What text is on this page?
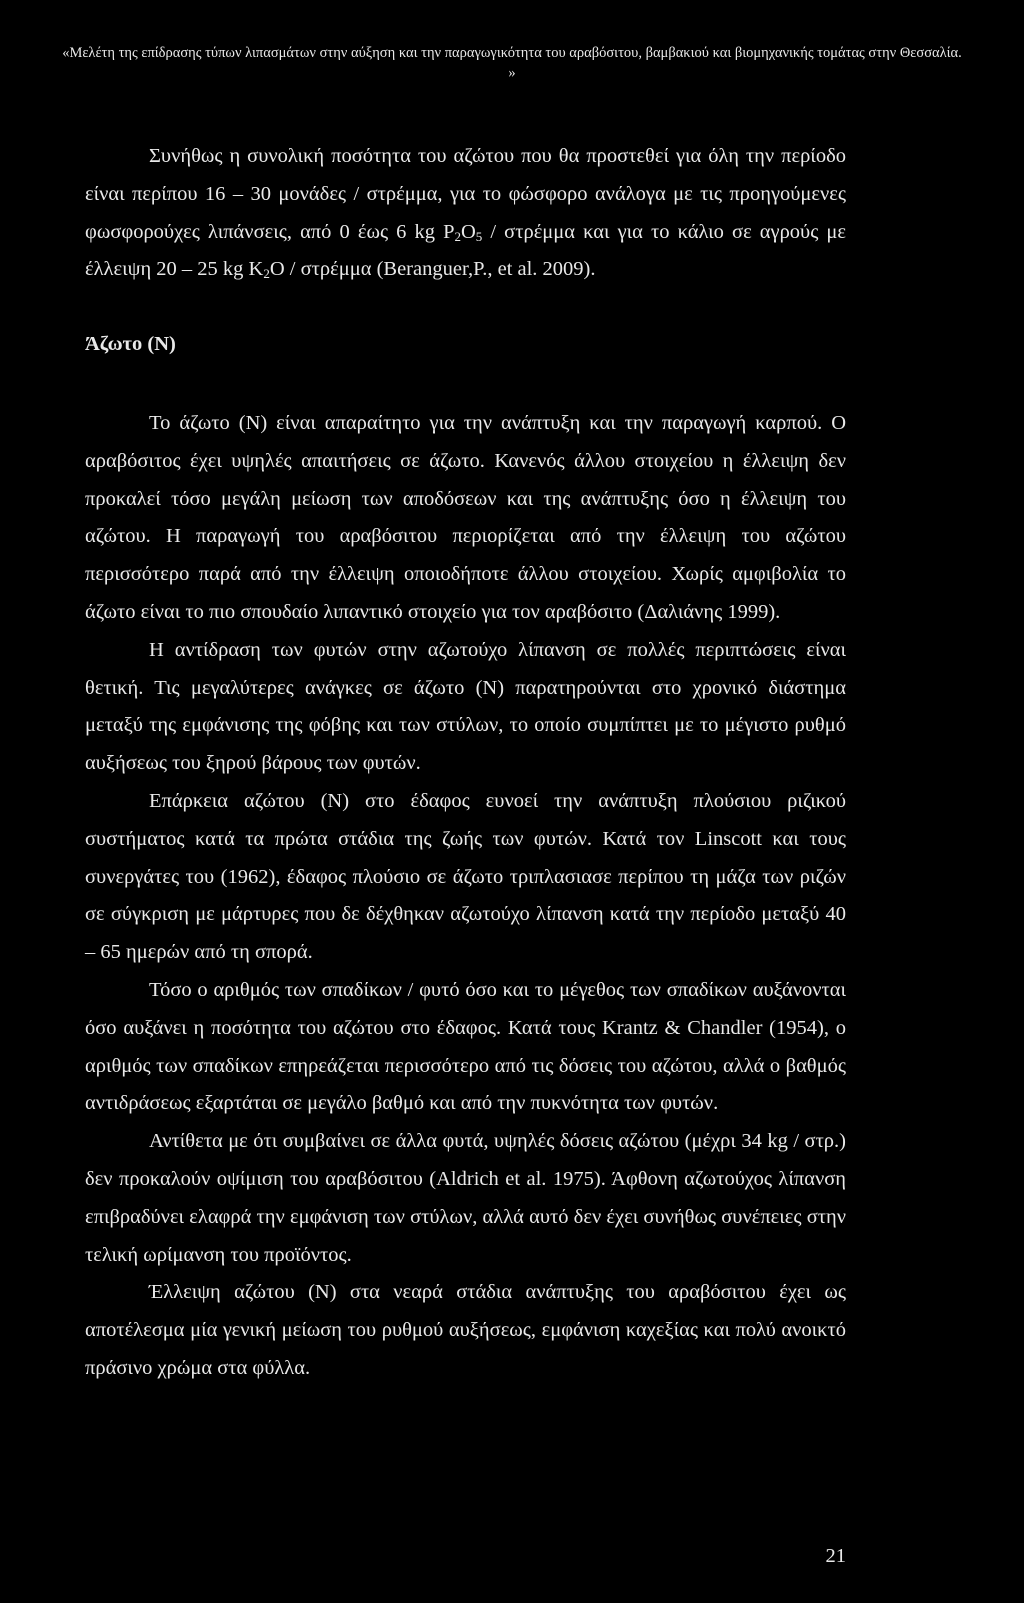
«Μελέτη της επίδρασης τύπων λιπασμάτων στην αύξηση και την παραγωγικότητα του αραβόσιτου, βαμβακιού και βιομηχανικής τομάτας στην Θεσσαλία. »
Συνήθως η συνολική ποσότητα του αζώτου που θα προστεθεί για όλη την περίοδο είναι περίπου 16 – 30 μονάδες / στρέμμα, για το φώσφορο ανάλογα με τις προηγούμενες φωσφορούχες λιπάνσεις, από 0 έως 6 kg $P_2O_5$ / στρέμμα και για το κάλιο σε αγρούς με έλλειψη 20 – 25 kg $K_2O$ / στρέμμα (Beranguer,P., et al. 2009).
Άζωτο (N)

Το άζωτο (N) είναι απαραίτητο για την ανάπτυξη και την παραγωγή καρπού. Ο αραβόσιτος έχει υψηλές απαιτήσεις σε άζωτο. Κανενός άλλου στοιχείου η έλλειψη δεν προκαλεί τόσο μεγάλη μείωση των αποδόσεων και της ανάπτυξης όσο η έλλειψη του αζώτου. Η παραγωγή του αραβόσιτου περιορίζεται από την έλλειψη του αζώτου περισσότερο παρά από την έλλειψη οποιοδήποτε άλλου στοιχείου. Χωρίς αμφιβολία το άζωτο είναι το πιο σπουδαίο λιπαντικό στοιχείο για τον αραβόσιτο (Δαλιάνης 1999).

Η αντίδραση των φυτών στην αζωτούχο λίπανση σε πολλές περιπτώσεις είναι θετική. Τις μεγαλύτερες ανάγκες σε άζωτο (N) παρατηρούνται στο χρονικό διάστημα μεταξύ της εμφάνισης της φόβης και των στύλων, το οποίο συμπίπτει με το μέγιστο ρυθμό αυξήσεως του ξηρού βάρους των φυτών.

Επάρκεια αζώτου (N) στο έδαφος ευνοεί την ανάπτυξη πλούσιου ριζικού συστήματος κατά τα πρώτα στάδια της ζωής των φυτών. Κατά τον Linscott και τους συνεργάτες του (1962), έδαφος πλούσιο σε άζωτο τριπλασιασε περίπου τη μάζα των ριζών σε σύγκριση με μάρτυρες που δε δέχθηκαν αζωτούχο λίπανση κατά την περίοδο μεταξύ 40 – 65 ημερών από τη σπορά.

Τόσο ο αριθμός των σπαδίκων / φυτό όσο και το μέγεθος των σπαδίκων αυξάνονται όσο αυξάνει η ποσότητα του αζώτου στο έδαφος. Κατά τους Krantz & Chandler (1954), ο αριθμός των σπαδίκων επηρεάζεται περισσότερο από τις δόσεις του αζώτου, αλλά ο βαθμός αντιδράσεως εξαρτάται σε μεγάλο βαθμό και από την πυκνότητα των φυτών.

Αντίθετα με ότι συμβαίνει σε άλλα φυτά, υψηλές δόσεις αζώτου (μέχρι 34 kg / στρ.) δεν προκαλούν οψίμιση του αραβόσιτου (Aldrich et al. 1975). Άφθονη αζωτούχος λίπανση επιβραδύνει ελαφρά την εμφάνιση των στύλων, αλλά αυτό δεν έχει συνήθως συνέπειες στην τελική ωρίμανση του προϊόντος.

Έλλειψη αζώτου (N) στα νεαρά στάδια ανάπτυξης του αραβόσιτου έχει ως αποτέλεσμα μία γενική μείωση του ρυθμού αυξήσεως, εμφάνιση καχεξίας και πολύ ανοικτό πράσινο χρώμα στα φύλλα.

21
